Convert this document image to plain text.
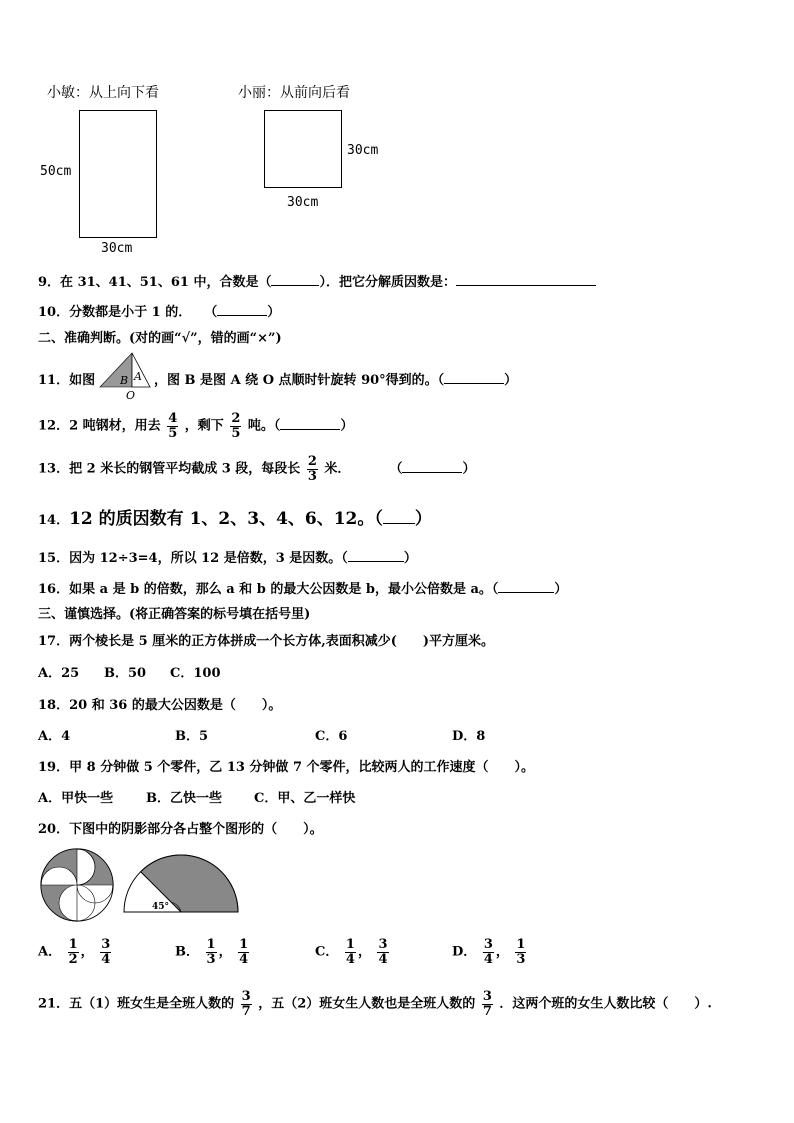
小敏：从上向下看	小丽：从前向后看
50cm
30cm
30cm
30cm
9．在 31、41、51、61 中，合数是（	）．把它分解质因数是：
10．分数都是小于 1 的．　　 （	）
二、准确判断。(对的画“√”，错的画“×”)
11．如图 B A
O
，图 B 是图 A 绕 O 点顺时针旋转 90°得到的。（	）
12．2 吨钢材，用去 $\frac{4}{5}$ ，剩下 $\frac{2}{5}$ 吨。（	）
13．把 2 米长的钢管平均截成 3 段，每段长 $\frac{2}{3}$ 米．　　　　	（	）
14．12 的质因数有 1、2、3、4、6、12。（ ）
15．因为 12÷3=4，所以 12 是倍数，3 是因数。（	）
16．如果 a 是 b 的倍数，那么 a 和 b 的最大公因数是 b，最小公倍数是 a。（	）
三、谨慎选择。(将正确答案的标号填在括号里)
17．两个棱长是 5 厘米的正方体拼成一个长方体,表面积减少(　　)平方厘米。
A．25 B．50 C．100
18．20 和 36 的最大公因数是（　　）。
A．4	B．5	C．6	D．8
19．甲 8 分钟做 5 个零件，乙 13 分钟做 7 个零件，比较两人的工作速度（　　）。
A．甲快一些	B．乙快一些 C．甲、乙一样快
20．下图中的阴影部分各占整个图形的（　　）。
45°
A． $\frac{1}{2}$ ， $\frac{3}{4}$	B． $\frac{1}{3}$ ， $\frac{1}{4}$	C． $\frac{1}{4}$ ， $\frac{3}{4}$	D． $\frac{3}{4}$ ， $\frac{1}{3}$
21．五（1）班女生是全班人数的 $\frac{3}{7}$ ，五（2）班女生人数也是全班人数的 $\frac{3}{7}$ ．这两个班的女生人数比较（　　）.
